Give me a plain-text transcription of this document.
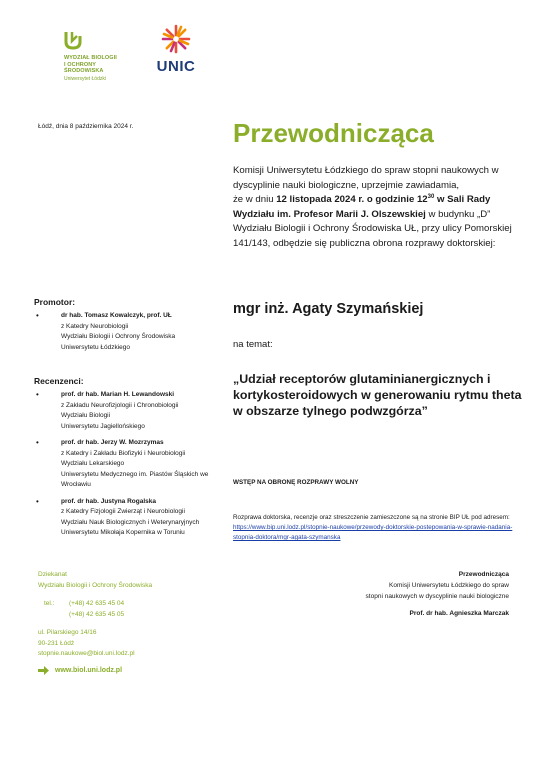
WYDZIAŁ BIOLOGII
I OCHRONY
ŚRODOWISKA
Uniwersytet Łódzki
UNIC
Łódź, dnia 8 października 2024 r.	Przewodnicząca
Komisji Uniwersytetu Łódzkiego do spraw stopni naukowych w dyscyplinie nauki biologiczne, uprzejmie zawiadamia,
że w dniu 12 listopada 2024 r. o godzinie $12^{30}$ w Sali Rady Wydziału im. Profesor Marii J. Olszewskiej w budynku „D” Wydziału Biologii i Ochrony Środowiska UŁ, przy ulicy Pomorskiej 141/143, odbędzie się publiczna obrona rozprawy doktorskiej:
Promotor:
•	dr hab. Tomasz Kowalczyk, prof. UŁ
z Katedry Neurobiologii
Wydziału Biologii i Ochrony Środowiska
Uniwersytetu Łódzkiego
Recenzenci:
•	prof. dr hab. Marian H. Lewandowski
z Zakładu Neurofizjologii i Chronobiologii
Wydziału Biologii
Uniwersytetu Jagiellońskiego
•	prof. dr hab. Jerzy W. Mozrzymas
z Katedry i Zakładu Biofizyki i Neurobiologii
Wydziału Lekarskiego
Uniwersytetu Medycznego im. Piastów Śląskich we Wrocławiu
•	prof. dr hab. Justyna Rogalska
z Katedry Fizjologii Zwierząt i Neurobiologii
Wydziału Nauk Biologicznych i Weterynaryjnych
Uniwersytetu Mikołaja Kopernika w Toruniu
mgr inż. Agaty Szymańskiej
na temat:
„Udział receptorów glutaminianergicznych i kortykosteroidowych w generowaniu rytmu theta w obszarze tylnego podwzgórza”
WSTĘP NA OBRONĘ ROZPRAWY WOLNY
Rozprawa doktorska, recenzje oraz streszczenie zamieszczone są na stronie BIP UŁ pod adresem: https://www.bip.uni.lodz.pl/stopnie-naukowe/przewody-doktorskie-postepowania-w-sprawie-nadania-stopnia-doktora/mgr-agata-szymanska
Dziekanat
Wydziału Biologii i Ochrony Środowiska
tel.:	(+48) 42 635 45 04
(+48) 42 635 45 05
ul. Pilarskiego 14/16
90-231 Łódź
stopnie.naukowe@biol.uni.lodz.pl
www.biol.uni.lodz.pl
Przewodnicząca
Komisji Uniwersytetu Łódzkiego do spraw
stopni naukowych w dyscyplinie nauki biologiczne
Prof. dr hab. Agnieszka Marczak
